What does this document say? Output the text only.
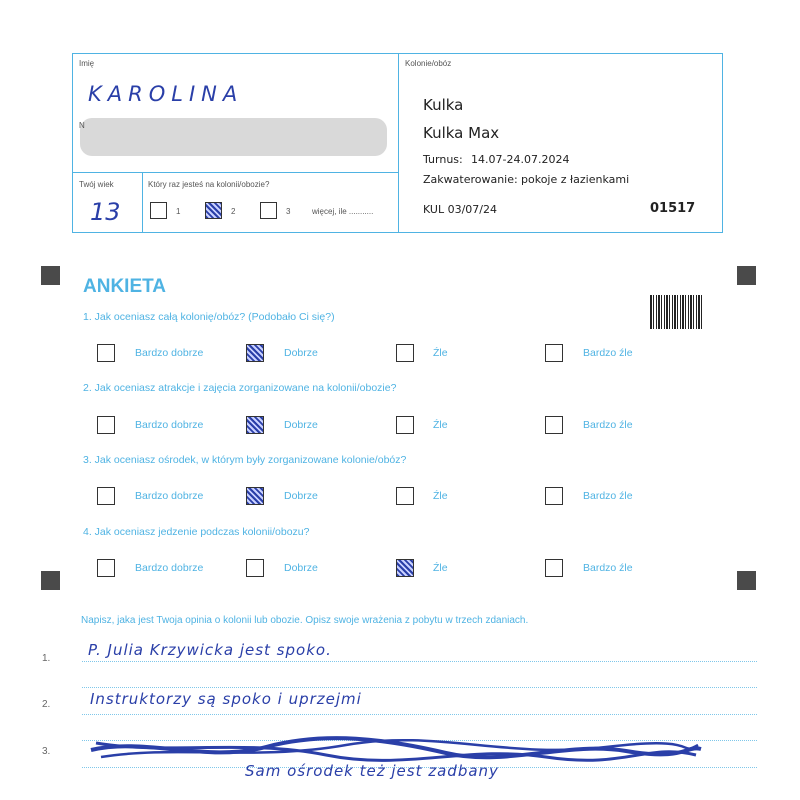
Imię
KAROLINA
N
Twój wiek
13
Który raz jesteś na kolonii/obozie?
1	2	3	więcej, ile ...........
Kolonie/obóz
Kulka
Kulka Max
Turnus: 14.07-24.07.2024
Zakwaterowanie: pokoje z łazienkami
KUL 03/07/24	01517
ANKIETA
1. Jak oceniasz całą kolonię/obóz? (Podobało Ci się?)
2. Jak oceniasz atrakcje i zajęcia zorganizowane na kolonii/obozie?
3. Jak oceniasz ośrodek, w którym były zorganizowane kolonie/obóz?
4. Jak oceniasz jedzenie podczas kolonii/obozu?
Bardzo dobrze	Dobrze	Źle	Bardzo źle
Bardzo dobrze	Dobrze	Źle	Bardzo źle
Bardzo dobrze	Dobrze	Źle	Bardzo źle
Bardzo dobrze	Dobrze	Źle	Bardzo źle
Napisz, jaka jest Twoja opinia o kolonii lub obozie. Opisz swoje wrażenia z pobytu w trzech zdaniach.
1.	P. Julia Krzywicka jest spoko.
2.	Instruktorzy są spoko i uprzejmi
3.
Sam ośrodek też jest zadbany
